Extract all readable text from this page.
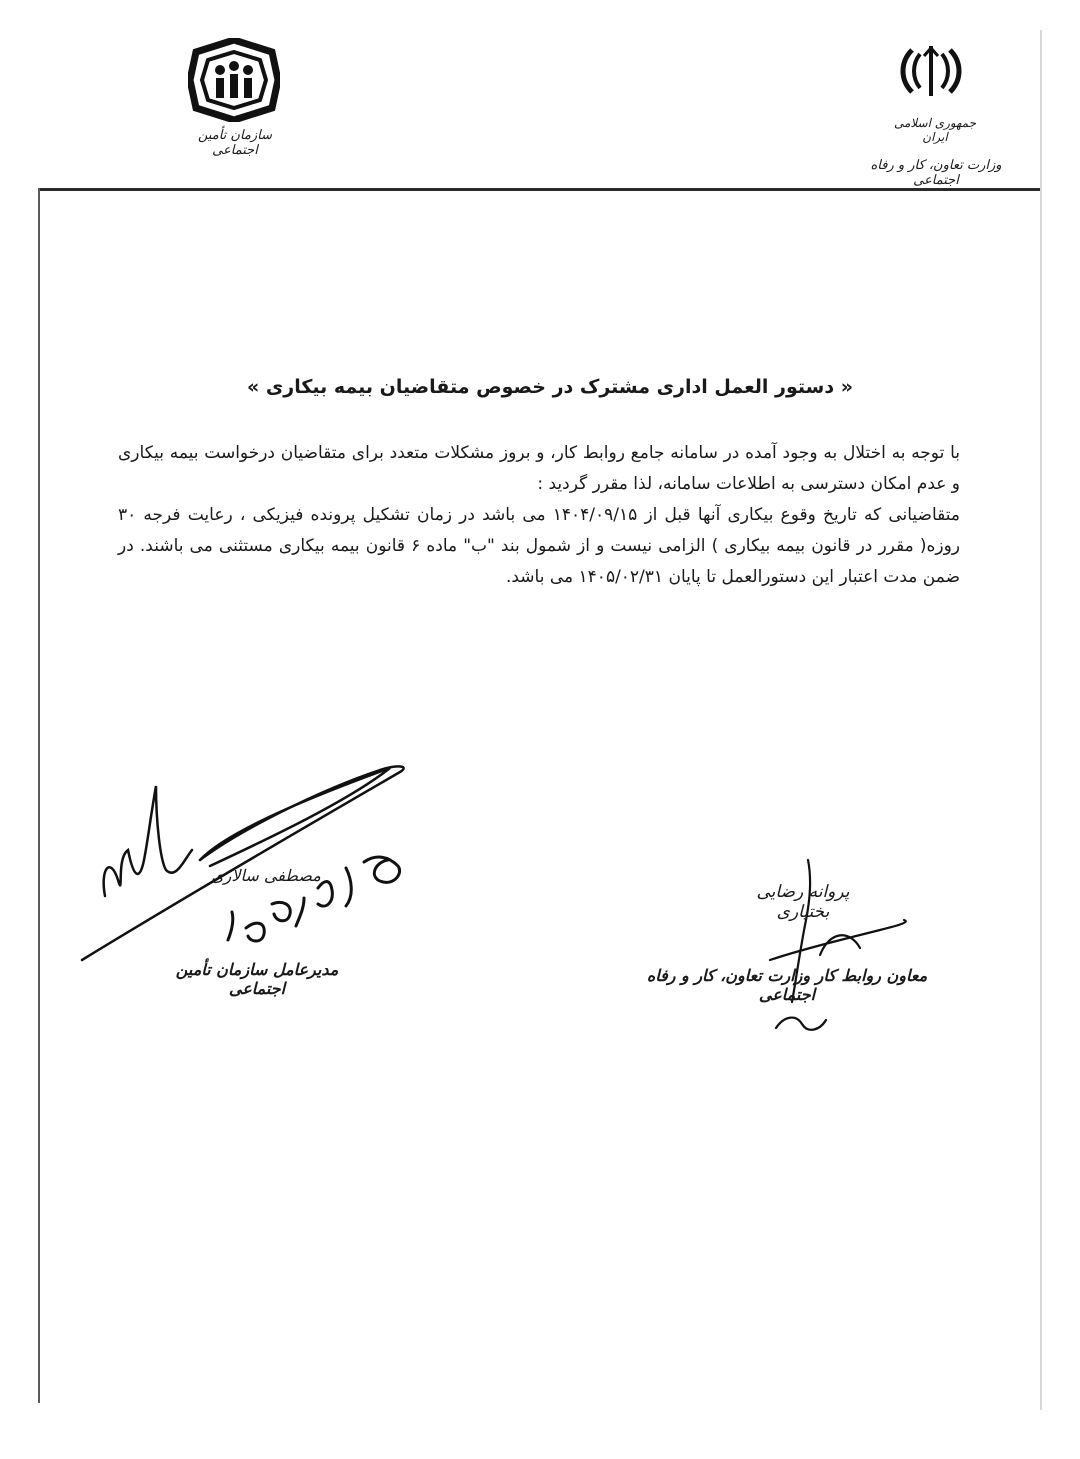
سازمان تأمین اجتماعی
جمهوری اسلامی ایران
وزارت تعاون، کار و رفاه اجتماعی
« دستور العمل اداری مشترک در خصوص متقاضیان بیمه بیکاری »

با توجه به اختلال به وجود آمده در سامانه جامع روابط کار، و بروز مشکلات متعدد برای متقاضیان درخواست بیمه بیکاری و عدم امکان دسترسی به اطلاعات سامانه، لذا مقرر گردید :

متقاضیانی که تاریخ وقوع بیکاری آنها قبل از ۱۴۰۴/۰۹/۱۵ می باشد در زمان تشکیل پرونده فیزیکی ، رعایت فرجه ۳۰ روزه( مقرر در قانون بیمه بیکاری ) الزامی نیست و از شمول بند "ب" ماده ۶ قانون بیمه بیکاری مستثنی می باشند. در ضمن مدت اعتبار این دستورالعمل تا پایان ۱۴۰۵/۰۲/۳۱ می باشد.

مصطفی سالاری
مدیرعامل سازمان تأمین اجتماعی
پروانه رضایی بختیاری
معاون روابط کار وزارت تعاون، کار و رفاه اجتماعی
